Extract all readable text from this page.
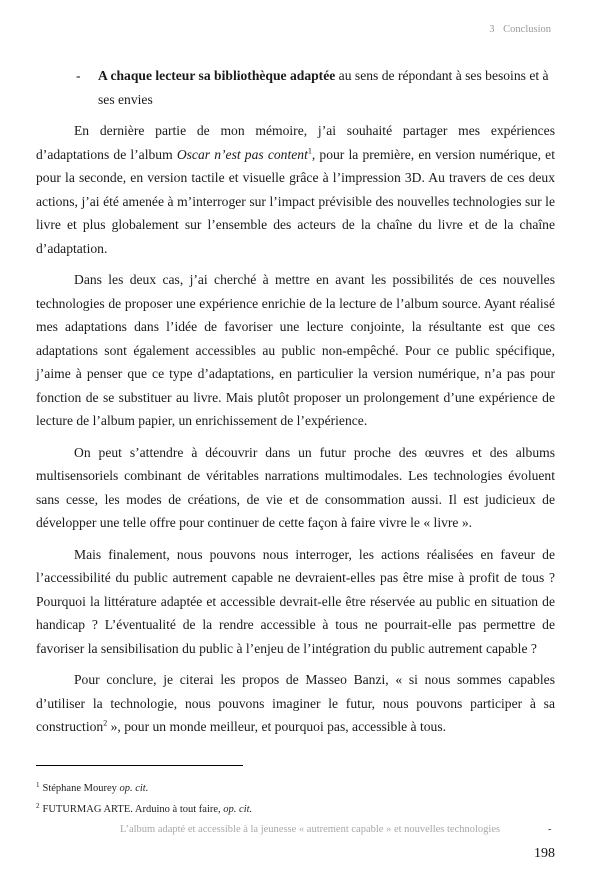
3 Conclusion
- A chaque lecteur sa bibliothèque adaptée au sens de répondant à ses besoins et à ses envies

En dernière partie de mon mémoire, j’ai souhaité partager mes expériences d’adaptations de l’album Oscar n’est pas content$^1$, pour la première, en version numérique, et pour la seconde, en version tactile et visuelle grâce à l’impression 3D. Au travers de ces deux actions, j’ai été amenée à m’interroger sur l’impact prévisible des nouvelles technologies sur le livre et plus globalement sur l’ensemble des acteurs de la chaîne du livre et de la chaîne d’adaptation.

Dans les deux cas, j’ai cherché à mettre en avant les possibilités de ces nouvelles technologies de proposer une expérience enrichie de la lecture de l’album source. Ayant réalisé mes adaptations dans l’idée de favoriser une lecture conjointe, la résultante est que ces adaptations sont également accessibles au public non-empêché. Pour ce public spécifique, j’aime à penser que ce type d’adaptations, en particulier la version numérique, n’a pas pour fonction de se substituer au livre. Mais plutôt proposer un prolongement d’une expérience de lecture de l’album papier, un enrichissement de l’expérience.

On peut s’attendre à découvrir dans un futur proche des œuvres et des albums multisensoriels combinant de véritables narrations multimodales. Les technologies évoluent sans cesse, les modes de créations, de vie et de consommation aussi. Il est judicieux de développer une telle offre pour continuer de cette façon à faire vivre le « livre ».

Mais finalement, nous pouvons nous interroger, les actions réalisées en faveur de l’accessibilité du public autrement capable ne devraient-elles pas être mise à profit de tous ? Pourquoi la littérature adaptée et accessible devrait-elle être réservée au public en situation de handicap ? L’éventualité de la rendre accessible à tous ne pourrait-elle pas permettre de favoriser la sensibilisation du public à l’enjeu de l’intégration du public autrement capable ?

Pour conclure, je citerai les propos de Masseo Banzi, « si nous sommes capables d’utiliser la technologie, nous pouvons imaginer le futur, nous pouvons participer à sa construction$^2$ », pour un monde meilleur, et pourquoi pas, accessible à tous.

$^1$ Stéphane Mourey op. cit.
$^2$ FUTURMAG ARTE. Arduino à tout faire, op. cit.
L’album adapté et accessible à la jeunesse « autrement capable » et nouvelles technologies	-
198
